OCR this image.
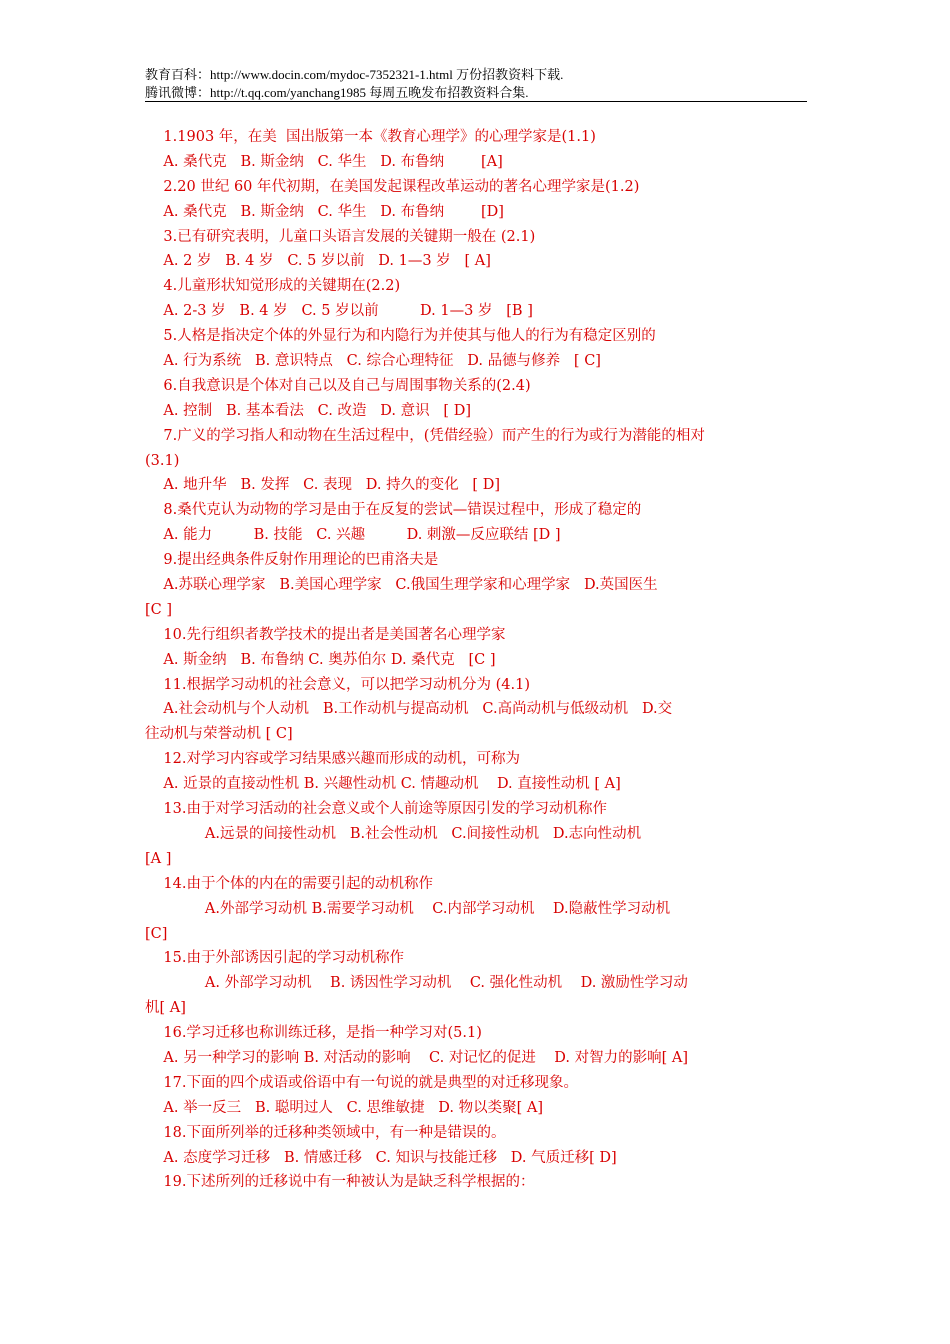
教育百科：http://www.docin.com/mydoc-7352321-1.html 万份招教资料下载.
腾讯微博：http://t.qq.com/yanchang1985 每周五晚发布招教资料合集.
1.1903 年，在美  国出版第一本《教育心理学》的心理学家是(1.1)
A. 桑代克   B. 斯金纳   C. 华生   D. 布鲁纳        [A]
2.20 世纪 60 年代初期，在美国发起课程改革运动的著名心理学家是(1.2)
A. 桑代克   B. 斯金纳   C. 华生   D. 布鲁纳        [D]
3.已有研究表明，儿童口头语言发展的关键期一般在 (2.1)
A. 2 岁   B. 4 岁   C. 5 岁以前   D. 1—3 岁   [ A]
4.儿童形状知觉形成的关键期在(2.2)
A. 2-3 岁   B. 4 岁   C. 5 岁以前         D. 1—3 岁   [B ]
5.人格是指决定个体的外显行为和内隐行为并使其与他人的行为有稳定区别的
A. 行为系统   B. 意识特点   C. 综合心理特征   D. 品德与修养   [ C]
6.自我意识是个体对自己以及自己与周围事物关系的(2.4)
A. 控制   B. 基本看法   C. 改造   D. 意识   [ D]
7.广义的学习指人和动物在生活过程中，(凭借经验）而产生的行为或行为潜能的相对
(3.1)
A. 地升华   B. 发挥   C. 表现   D. 持久的变化   [ D]
8.桑代克认为动物的学习是由于在反复的尝试—错误过程中，形成了稳定的
A. 能力         B. 技能   C. 兴趣         D. 刺激—反应联结 [D ]
9.提出经典条件反射作用理论的巴甫洛夫是
A.苏联心理学家   B.美国心理学家   C.俄国生理学家和心理学家   D.英国医生
[C ]
10.先行组织者教学技术的提出者是美国著名心理学家
A. 斯金纳   B. 布鲁纳 C. 奥苏伯尔 D. 桑代克   [C ]
11.根据学习动机的社会意义，可以把学习动机分为 (4.1)
A.社会动机与个人动机   B.工作动机与提高动机   C.高尚动机与低级动机   D.交
往动机与荣誉动机 [ C]
12.对学习内容或学习结果感兴趣而形成的动机，可称为
A. 近景的直接动性机 B. 兴趣性动机 C. 情趣动机    D. 直接性动机 [ A]
13.由于对学习活动的社会意义或个人前途等原因引发的学习动机称作
A.远景的间接性动机   B.社会性动机   C.间接性动机   D.志向性动机
[A ]
14.由于个体的内在的需要引起的动机称作
A.外部学习动机 B.需要学习动机    C.内部学习动机    D.隐蔽性学习动机
[C]
15.由于外部诱因引起的学习动机称作
A. 外部学习动机    B. 诱因性学习动机    C. 强化性动机    D. 激励性学习动
机[ A]
16.学习迁移也称训练迁移，是指一种学习对(5.1)
A. 另一种学习的影响 B. 对活动的影响    C. 对记忆的促进    D. 对智力的影响[ A]
17.下面的四个成语或俗语中有一句说的就是典型的对迁移现象。
A. 举一反三   B. 聪明过人   C. 思维敏捷   D. 物以类聚[ A]
18.下面所列举的迁移种类领域中，有一种是错误的。
A. 态度学习迁移   B. 情感迁移   C. 知识与技能迁移   D. 气质迁移[ D]
19.下述所列的迁移说中有一种被认为是缺乏科学根据的：
